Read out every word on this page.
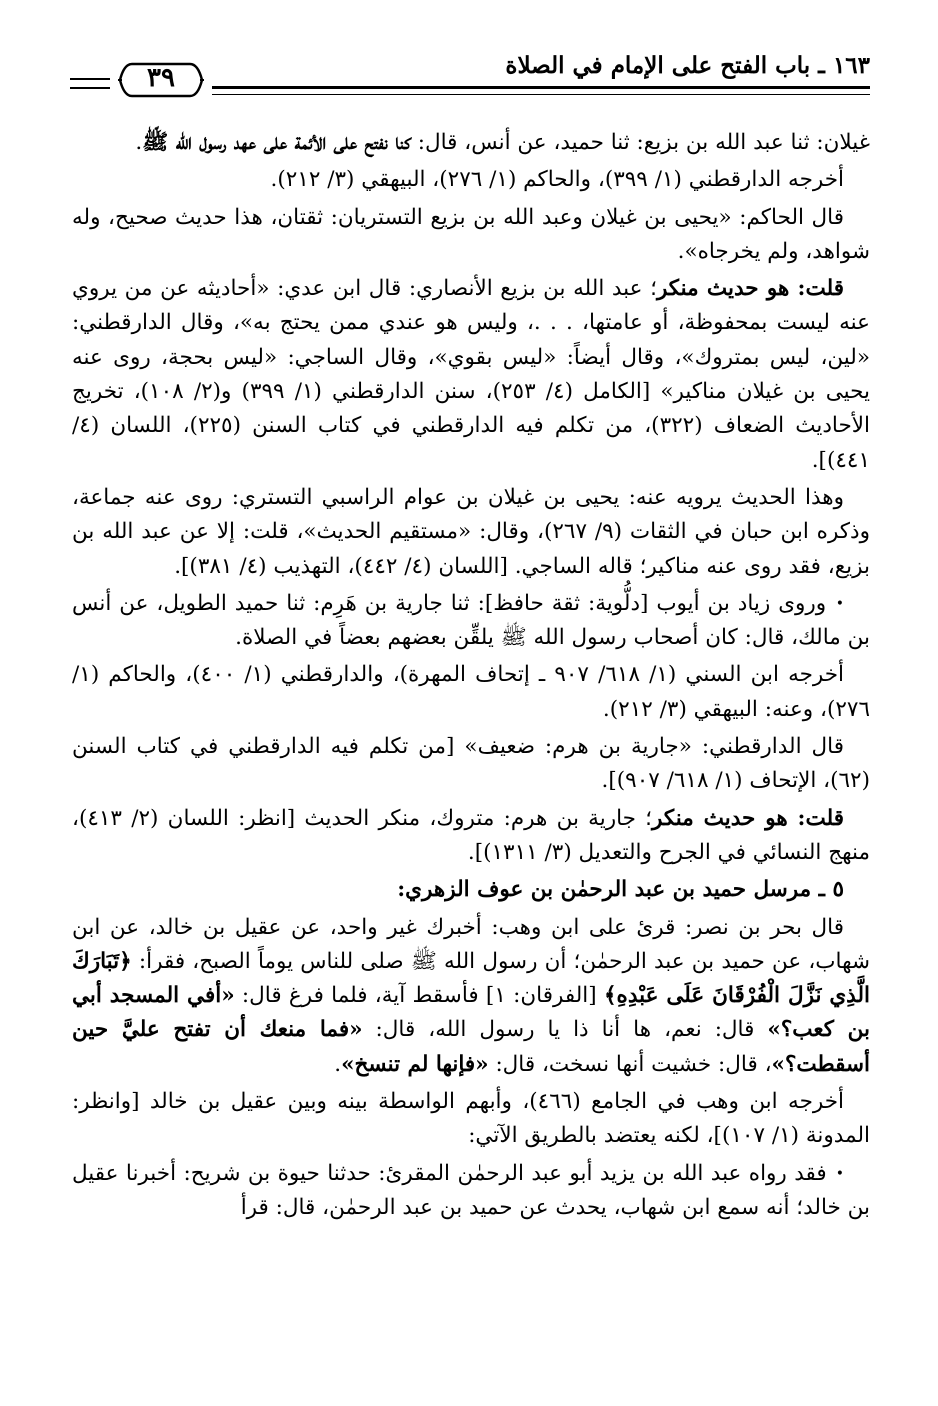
١٦٣ ـ باب الفتح على الإمام في الصلاة
٣٩

غيلان: ثنا عبد الله بن بزيع: ثنا حميد، عن أنس، قال: كنا نفتح على الأئمة على عهد رسول الله ﷺ.

أخرجه الدارقطني (١/ ٣٩٩)، والحاكم (١/ ٢٧٦)، البيهقي (٣/ ٢١٢).

قال الحاكم: «يحيى بن غيلان وعبد الله بن بزيع التستريان: ثقتان، هذا حديث صحيح، وله شواهد، ولم يخرجاه».

قلت: هو حديث منكر؛ عبد الله بن بزيع الأنصاري: قال ابن عدي: «أحاديثه عن من يروي عنه ليست بمحفوظة، أو عامتها، . . .، وليس هو عندي ممن يحتج به»، وقال الدارقطني: «لين، ليس بمتروك»، وقال أيضاً: «ليس بقوي»، وقال الساجي: «ليس بحجة، روى عنه يحيى بن غيلان مناكير» [الكامل (٤/ ٢٥٣)، سنن الدارقطني (١/ ٣٩٩) و(٢/ ١٠٨)، تخريج الأحاديث الضعاف (٣٢٢)، من تكلم فيه الدارقطني في كتاب السنن (٢٢٥)، اللسان (٤/ ٤٤١)].

وهذا الحديث يرويه عنه: يحيى بن غيلان بن عوام الراسبي التستري: روى عنه جماعة، وذكره ابن حبان في الثقات (٩/ ٢٦٧)، وقال: «مستقيم الحديث»، قلت: إلا عن عبد الله بن بزيع، فقد روى عنه مناكير؛ قاله الساجي. [اللسان (٤/ ٤٤٢)، التهذيب (٤/ ٣٨١)].

• وروى زياد بن أيوب [دلُّوية: ثقة حافظ]: ثنا جارية بن هَرِم: ثنا حميد الطويل، عن أنس بن مالك، قال: كان أصحاب رسول الله ﷺ يلقِّن بعضهم بعضاً في الصلاة.

أخرجه ابن السني (١/ ٦١٨/ ٩٠٧ ـ إتحاف المهرة)، والدارقطني (١/ ٤٠٠)، والحاكم (١/ ٢٧٦)، وعنه: البيهقي (٣/ ٢١٢).

قال الدارقطني: «جارية بن هرم: ضعيف» [من تكلم فيه الدارقطني في كتاب السنن (٦٢)، الإتحاف (١/ ٦١٨/ ٩٠٧)].

قلت: هو حديث منكر؛ جارية بن هرم: متروك، منكر الحديث [انظر: اللسان (٢/ ٤١٣)، منهج النسائي في الجرح والتعديل (٣/ ١٣١١)].

٥ ـ مرسل حميد بن عبد الرحمٰن بن عوف الزهري:

قال بحر بن نصر: قرئ على ابن وهب: أخبرك غير واحد، عن عقيل بن خالد، عن ابن شهاب، عن حميد بن عبد الرحمٰن؛ أن رسول الله ﷺ صلى للناس يوماً الصبح، فقرأ: ﴿تَبَارَكَ الَّذِي نَزَّلَ الْفُرْقَانَ عَلَى عَبْدِهِ﴾ [الفرقان: ١] فأسقط آية، فلما فرغ قال: «أفي المسجد أبي بن كعب؟» قال: نعم، ها أنا ذا يا رسول الله، قال: «فما منعك أن تفتح عليَّ حين أسقطت؟»، قال: خشيت أنها نسخت، قال: «فإنها لم تنسخ».

أخرجه ابن وهب في الجامع (٤٦٦)، وأبهم الواسطة بينه وبين عقيل بن خالد [وانظر: المدونة (١/ ١٠٧)]، لكنه يعتضد بالطريق الآتي:

• فقد رواه عبد الله بن يزيد أبو عبد الرحمٰن المقرئ: حدثنا حيوة بن شريح: أخبرنا عقيل بن خالد؛ أنه سمع ابن شهاب، يحدث عن حميد بن عبد الرحمٰن، قال: قرأ
